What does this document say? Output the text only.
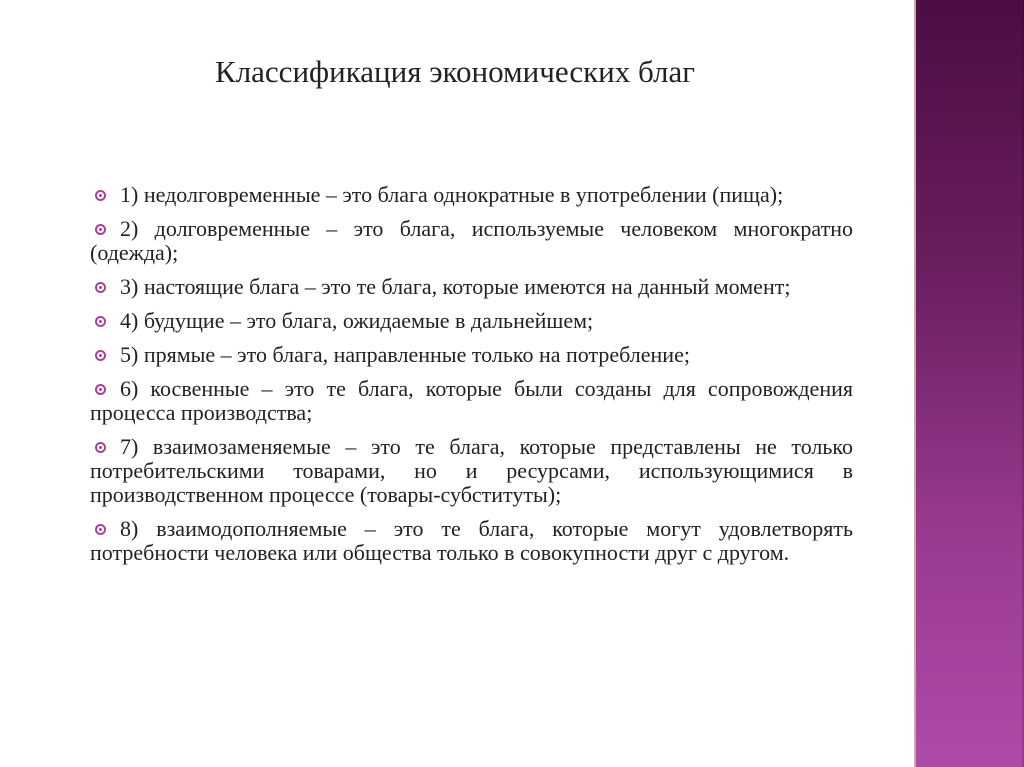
Классификация экономических благ
1) недолговременные – это блага однократные в употреблении (пища);
2) долговременные – это блага, используемые человеком многократно (одежда);
3) настоящие блага – это те блага, которые имеются на данный момент;
4) будущие – это блага, ожидаемые в дальнейшем;
5) прямые – это блага, направленные только на потребление;
6) косвенные – это те блага, которые были созданы для сопровождения процесса производства;
7) взаимозаменяемые – это те блага, которые представлены не только потребительскими товарами, но и ресурсами, использующимися в производственном процессе (товары-субституты);
8) взаимодополняемые – это те блага, которые могут удовлетворять потребности человека или общества только в совокупности друг с другом.
